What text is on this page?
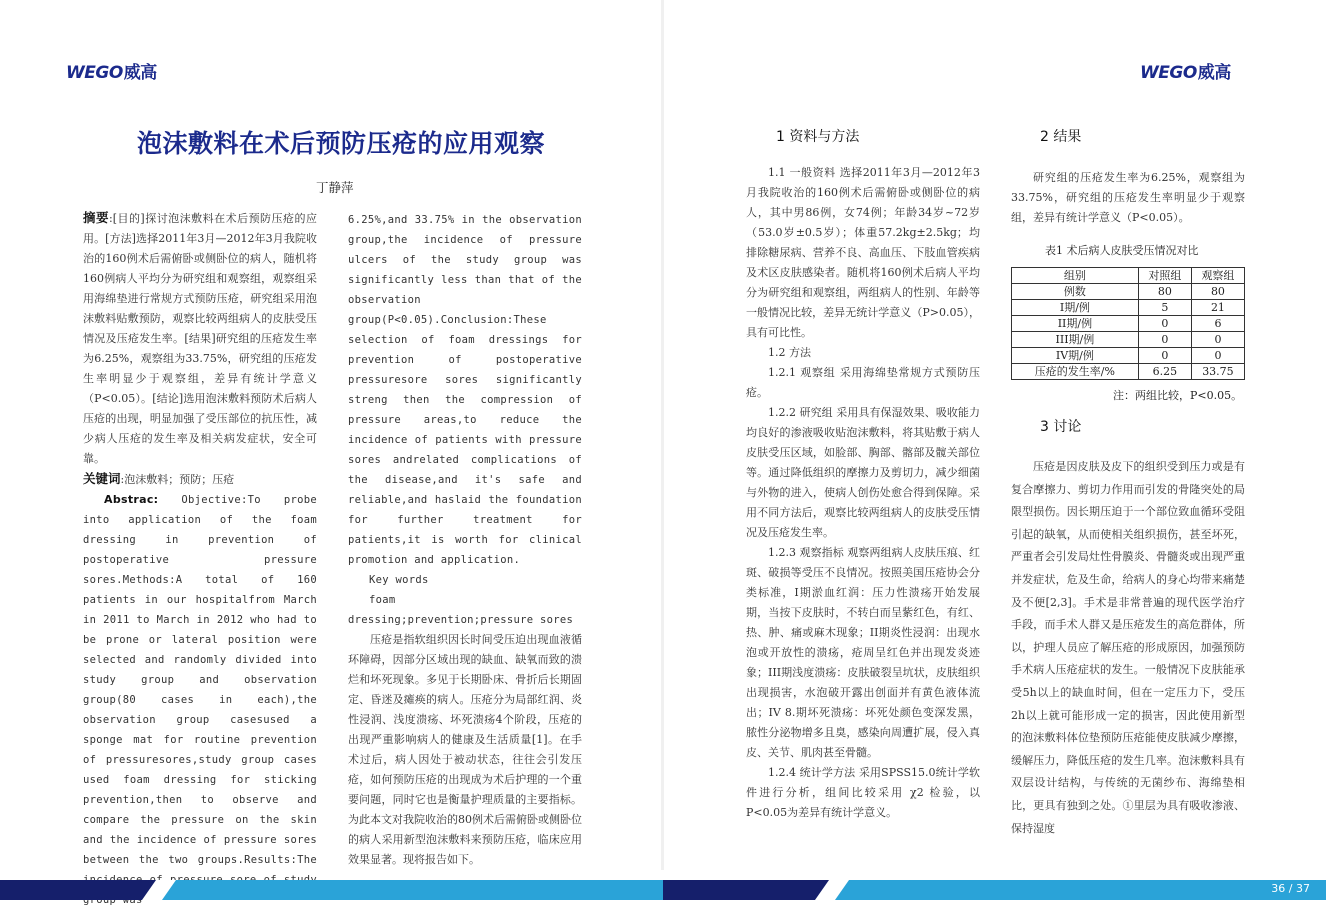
WEGO威高	WEGO威高
泡沫敷料在术后预防压疮的应用观察
丁静萍

摘要:[目的]探讨泡沫敷料在术后预防压疮的应用。[方法]选择2011年3月—2012年3月我院收治的160例术后需俯卧或侧卧位的病人，随机将160例病人平均分为研究组和观察组，观察组采用海绵垫进行常规方式预防压疮，研究组采用泡沫敷料贴敷预防，观察比较两组病人的皮肤受压情况及压疮发生率。[结果]研究组的压疮发生率为6.25%，观察组为33.75%，研究组的压疮发生率明显少于观察组，差异有统计学意义（P<0.05）。[结论]选用泡沫敷料预防术后病人压疮的出现，明显加强了受压部位的抗压性，减少病人压疮的发生率及相关病发症状，安全可靠。

关键词:泡沫敷料；预防；压疮

Abstrac: Objective:To probe into application of the foam dressing in prevention of postoperative pressure sores.Methods:A total of 160 patients in our hospitalfrom March in 2011 to March in 2012 who had to be prone or lateral position were selected and randomly divided into study group and observation group(80 cases in each),the observation group casesused a sponge mat for routine prevention of pressuresores,study group cases used foam dressing for sticking prevention,then to observe and compare the pressure on the skin and the incidence of pressure sores between the two groups.Results:The

6.25%,and 33.75% in the observation group,the incidence of pressure ulcers of the study group was significantly less than that of the observation group(P<0.05).Conclusion:These selection of foam dressings for prevention of postoperative pressuresore sores significantly streng then the compression of pressure areas,to reduce the incidence of patients with pressure sores andrelated complications of the disease,and it's safe and reliable,and haslaid the foundation for further treatment for patients,it is worth for clinical promotion and application.

Key words

foam dressing;prevention;pressure sores

压疮是指软组织因长时间受压迫出现血液循环障碍，因部分区域出现的缺血、缺氧而致的溃烂和坏死现象。多见于长期卧床、骨折后长期固定、昏迷及瘫痪的病人。压疮分为局部红润、炎性浸润、浅度溃疡、坏死溃疡4个阶段，压疮的出现严重影响病人的健康及生活质量[1]。在手术过后，病人因处于被动状态，往往会引发压疮，如何预防压疮的出现成为术后护理的一个重要问题，同时它也是衡量护理质量的主要指标。为此本文对我院收治的80例术后需俯卧或侧卧位的病人采用新型泡沫敷料来预防压疮，临床应用效果显著。现将报告如下。

1 资料与方法

1.1 一般资料 选择2011年3月—2012年3月我院收治的160例术后需俯卧或侧卧位的病人，其中男86例，女74例；年龄34岁~72岁（53.0岁±0.5岁）；体重57.2kg±2.5kg；均排除糖尿病、营养不良、高血压、下肢血管疾病及术区皮肤感染者。随机将160例术后病人平均分为研究组和观察组，两组病人的性别、年龄等一般情况比较，差异无统计学意义（P>0.05），具有可比性。

1.2 方法

1.2.1 观察组 采用海绵垫常规方式预防压疮。

1.2.2 研究组 采用具有保湿效果、吸收能力均良好的渗液吸收贴泡沫敷料，将其贴敷于病人皮肤受压区域，如脸部、胸部、髂部及髋关部位等。通过降低组织的摩擦力及剪切力，减少细菌与外物的进入，使病人创伤处愈合得到保障。采用不同方法后，观察比较两组病人的皮肤受压情况及压疮发生率。

1.2.3 观察指标 观察两组病人皮肤压痕、红斑、破损等受压不良情况。按照美国压疮协会分类标准，I期淤血红润：压力性溃疡开始发展期，当按下皮肤时，不转白而呈紫红色，有红、热、肿、痛或麻木现象；II期炎性浸润：出现水泡或开放性的溃疡，疮周呈红色并出现发炎迹象；III期浅度溃疡：皮肤破裂呈坑状，皮肤组织出现损害，水泡破开露出创面并有黄色液体流出；IV 8.期坏死溃疡：坏死处颜色变深发黑，脓性分泌物增多且臭，感染向周遭扩展，侵入真皮、关节、肌肉甚至骨髓。

1.2.4 统计学方法 采用SPSS15.0统计学软件进行分析，组间比较采用 χ2 检验，以P<0.05为差异有统计学意义。

2 结果

研究组的压疮发生率为6.25%，观察组为33.75%，研究组的压疮发生率明显少于观察组，差异有统计学意义（P<0.05）。

表1 术后病人皮肤受压情况对比
组别	对照组	观察组
例数	80	80
I期/例	5	21
II期/例	0	6
III期/例	0	0
IV期/例	0	0
压疮的发生率/%	6.25	33.75
注：两组比较，P<0.05。
3 讨论

压疮是因皮肤及皮下的组织受到压力或是有复合摩擦力、剪切力作用而引发的骨隆突处的局限型损伤。因长期压迫于一个部位致血循环受阻引起的缺氧，从而使相关组织损伤，甚至坏死，严重者会引发局灶性骨膜炎、骨髓炎或出现严重并发症状，危及生命，给病人的身心均带来痛楚及不便[2,3]。手术是非常普遍的现代医学治疗手段，而手术人群又是压疮发生的高危群体，所以，护理人员应了解压疮的形成原因，加强预防手术病人压疮症状的发生。一般情况下皮肤能承受5h以上的缺血时间，但在一定压力下，受压2h以上就可能形成一定的损害，因此使用新型的泡沫敷料体位垫预防压疮能使皮肤减少摩擦，缓解压力，降低压疮的发生几率。泡沫敷料具有双层设计结构，与传统的无菌纱布、海绵垫相比，更具有独到之处。①里层为具有吸收渗液、保持湿度

36 / 37
